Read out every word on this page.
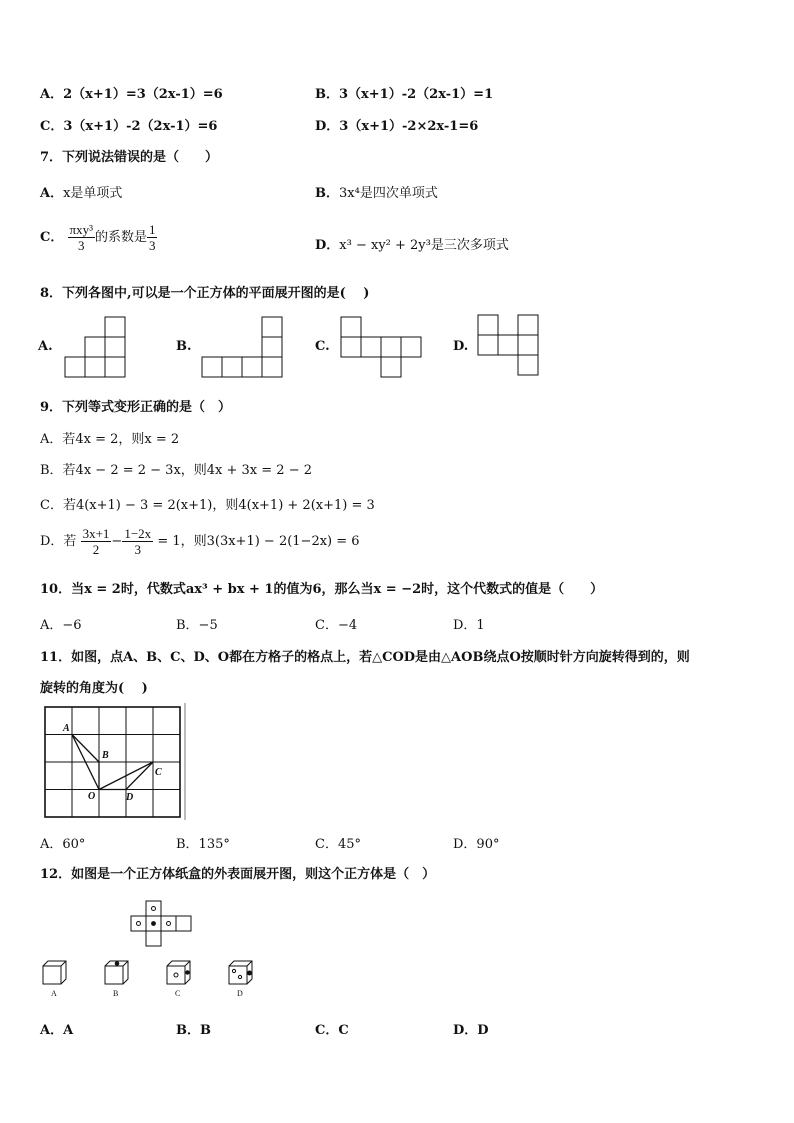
A．2（x+1）=3（2x-1）=6	B．3（x+1）-2（2x-1）=1
C．3（x+1）-2（2x-1）=6	D．3（x+1）-2×2x-1=6
7．下列说法错误的是（　　）
A．x是单项式	B．3x⁴是四次单项式
C． $\frac{\text{πxy³}}{3}$ 的系数是 $\frac{1}{3}$	D．x³ − xy² + 2y³是三次多项式
8．下列各图中,可以是一个正方体的平面展开图的是(　 )
A.	B.	C.	D.
A
B
C
O	D
A	B	C	D
9．下列等式变形正确的是（　）
A．若4x = 2，则x = 2
B．若4x − 2 = 2 − 3x，则4x + 3x = 2 − 2
C．若4(x+1) − 3 = 2(x+1)，则4(x+1) + 2(x+1) = 3
D．若 $\frac{3x+1}{2} - \frac{1-2x}{3} = 1$，则3(3x+1) − 2(1−2x) = 6
10．当x = 2时，代数式ax³ + bx + 1的值为6，那么当x = −2时，这个代数式的值是（　　）
A．−6	B．−5	C．−4	D．1
11．如图，点A、B、C、D、O都在方格子的格点上，若△COD是由△AOB绕点O按顺时针方向旋转得到的，则
旋转的角度为(　 )
A．60°	B．135°	C．45°	D．90°
12．如图是一个正方体纸盒的外表面展开图，则这个正方体是（　）
A．A	B．B	C．C	D．D
